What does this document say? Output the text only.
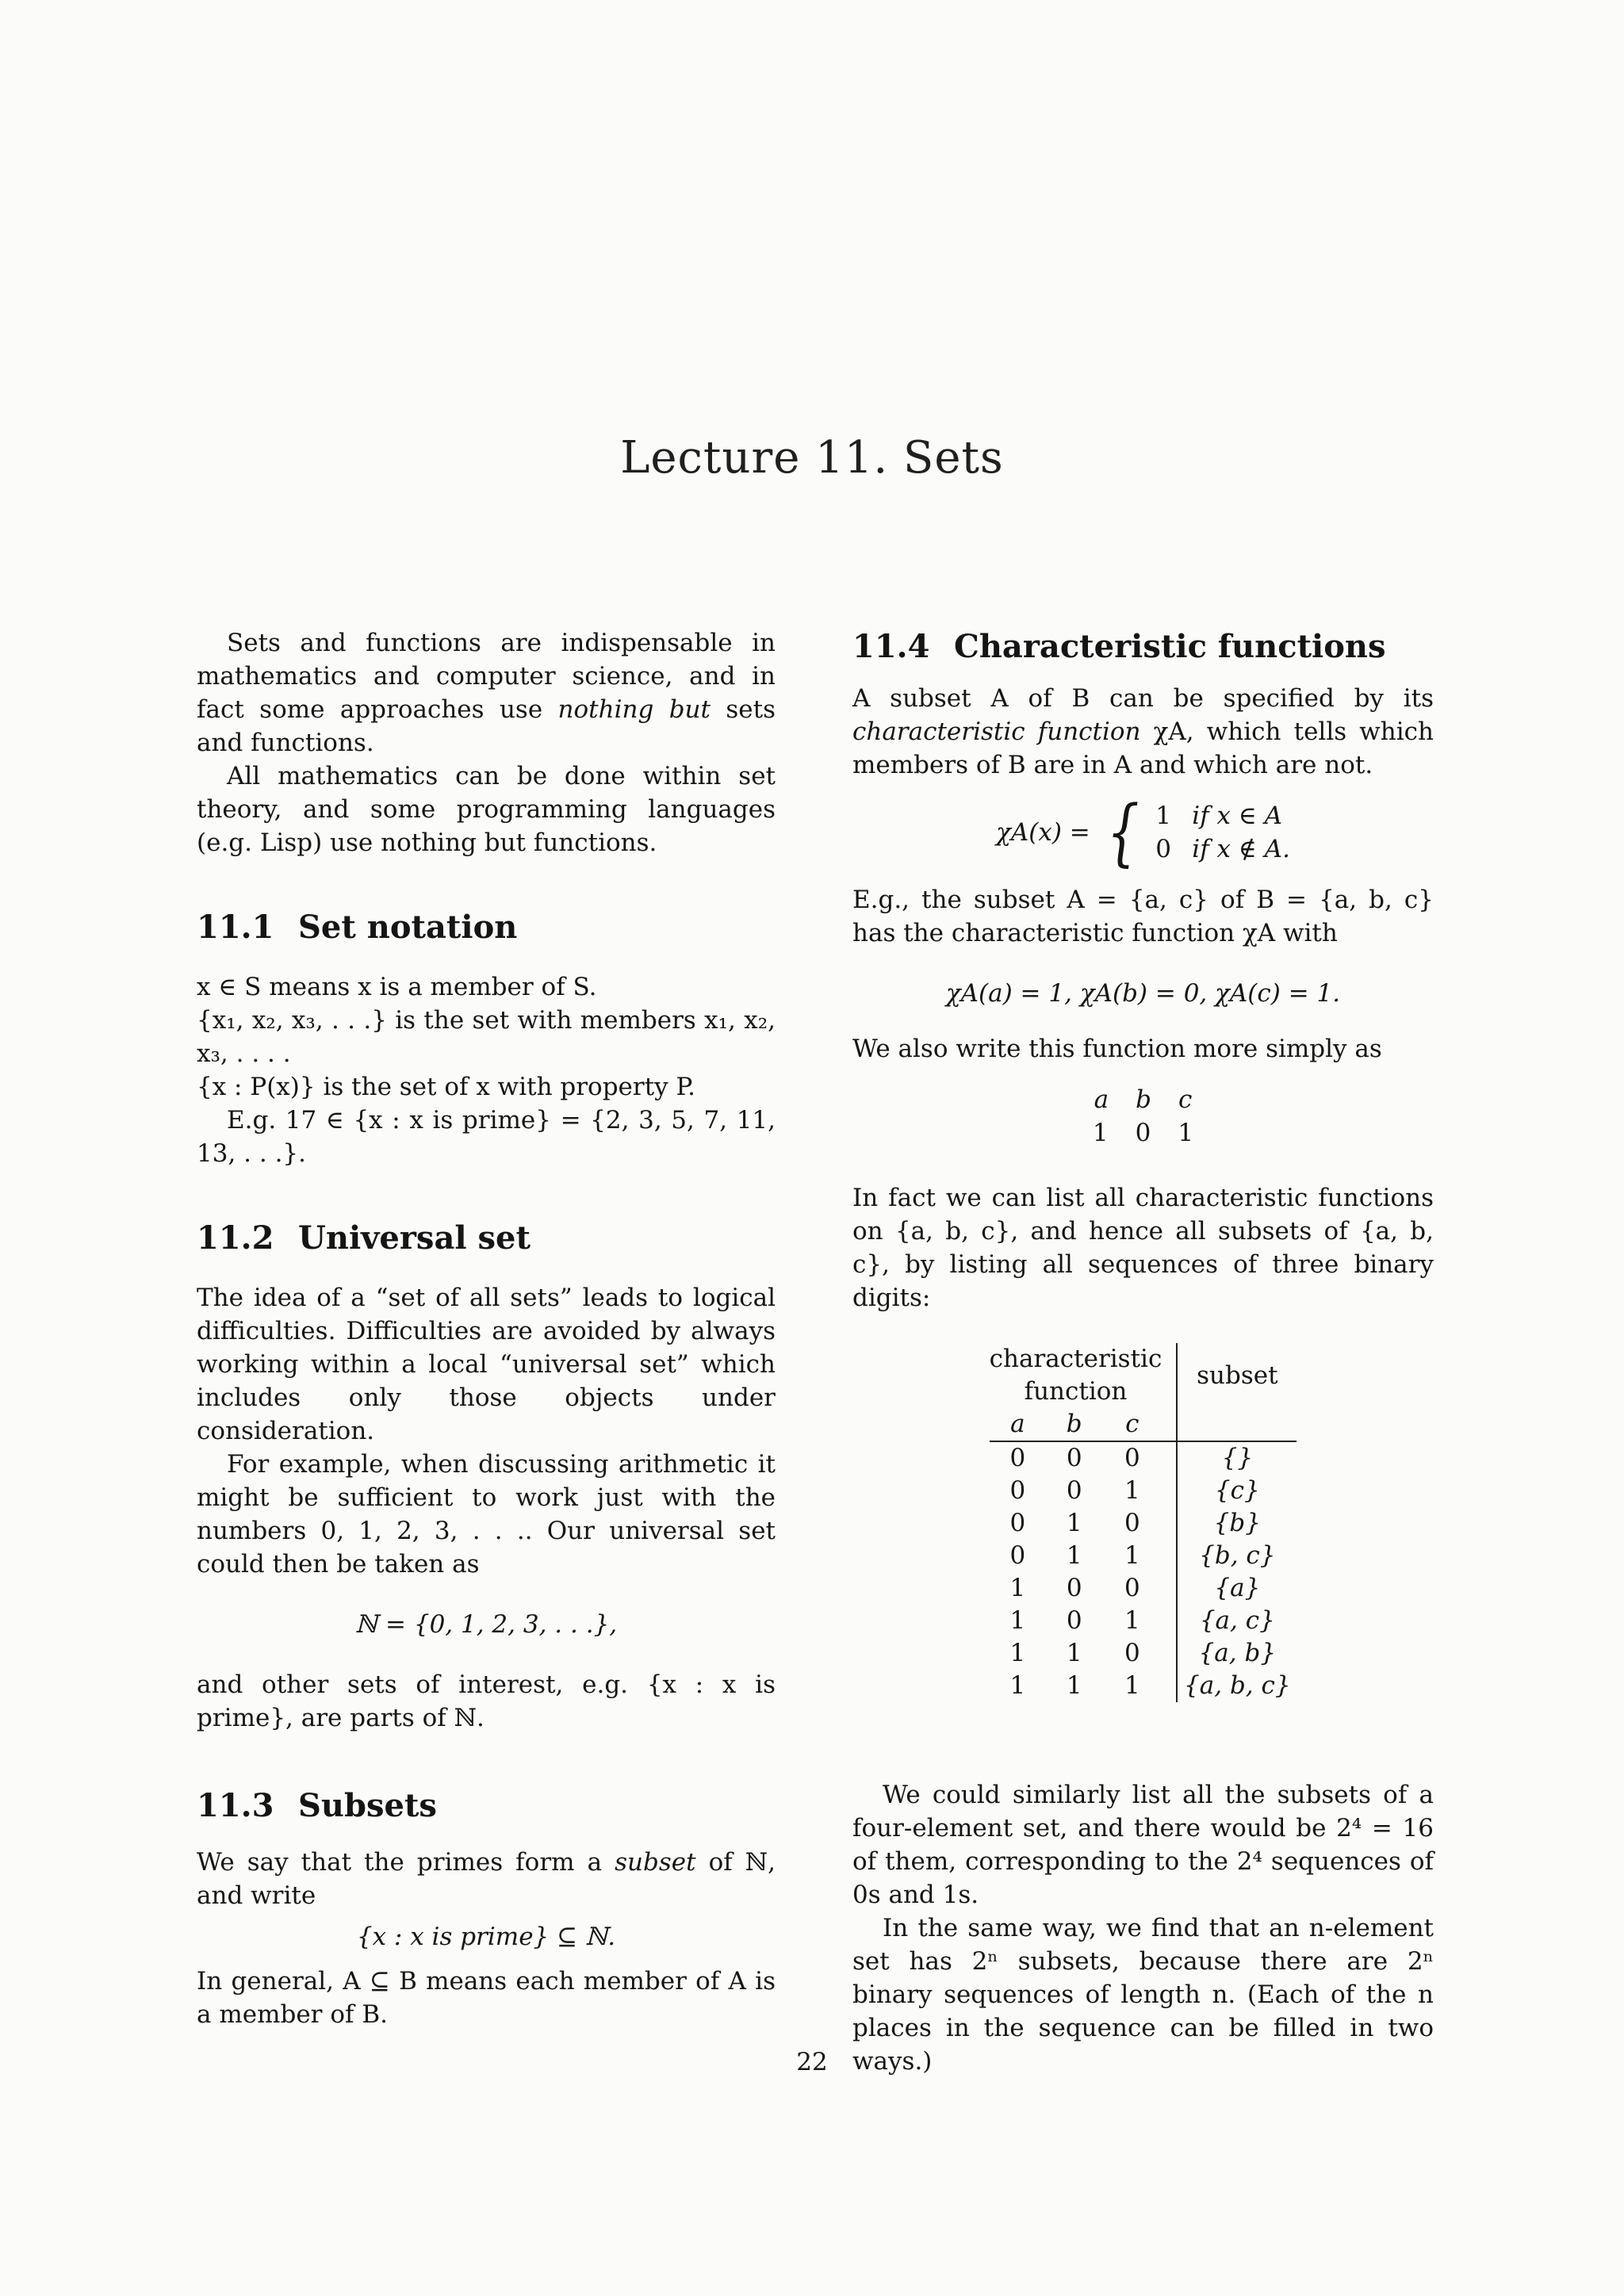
Lecture 11. Sets

Sets and functions are indispensable in mathematics and computer science, and in fact some approaches use nothing but sets and functions.

All mathematics can be done within set theory, and some programming languages (e.g. Lisp) use nothing but functions.

11.1 Set notation

x ∈ S means x is a member of S.

{x₁, x₂, x₃, . . .} is the set with members x₁, x₂, x₃, . . . .

{x : P(x)} is the set of x with property P.

E.g. 17 ∈ {x : x is prime} = {2, 3, 5, 7, 11, 13, . . .}.

11.2 Universal set

The idea of a “set of all sets” leads to logical difficulties. Difficulties are avoided by always working within a local “universal set” which includes only those objects under consideration.

For example, when discussing arithmetic it might be sufficient to work just with the numbers 0, 1, 2, 3, . . .. Our universal set could then be taken as

ℕ = {0, 1, 2, 3, . . .},

and other sets of interest, e.g. {x : x is prime}, are parts of ℕ.

11.3 Subsets

We say that the primes form a subset of ℕ, and write

{x : x is prime} ⊆ ℕ.

In general, A ⊆ B means each member of A is a member of B.

11.4 Characteristic functions

A subset A of B can be specified by its characteristic function χA, which tells which members of B are in A and which are not.

χA(x) = { 1 if x ∈ A
0 if x ∉ A.

E.g., the subset A = {a, c} of B = {a, b, c} has the characteristic function χA with

χA(a) = 1, χA(b) = 0, χA(c) = 1.

We also write this function more simply as

a b c
1 0 1

In fact we can list all characteristic functions on {a, b, c}, and hence all subsets of {a, b, c}, by listing all sequences of three binary digits:

characteristic function			subset
a	b	c	
0	0	0	{}
0	0	1	{c}
0	1	0	{b}
0	1	1	{b, c}
1	0	0	{a}
1	0	1	{a, c}
1	1	0	{a, b}
1	1	1	{a, b, c}

We could similarly list all the subsets of a four-element set, and there would be 2⁴ = 16 of them, corresponding to the 2⁴ sequences of 0s and 1s.

In the same way, we find that an n-element set has 2ⁿ subsets, because there are 2ⁿ binary sequences of length n. (Each of the n places in the sequence can be filled in two ways.)

22
